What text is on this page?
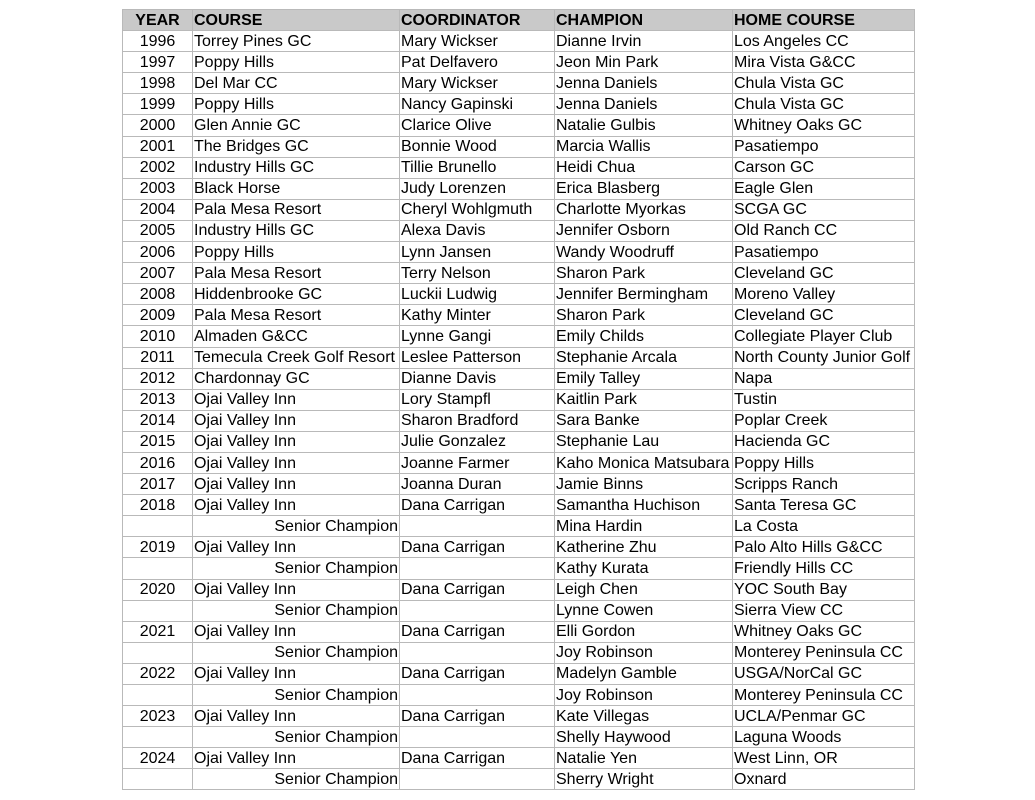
YEAR	COURSE	COORDINATOR	CHAMPION	HOME COURSE
1996	Torrey Pines GC	Mary Wickser	Dianne Irvin	Los Angeles CC
1997	Poppy Hills	Pat Delfavero	Jeon Min Park	Mira Vista G&CC
1998	Del Mar CC	Mary Wickser	Jenna Daniels	Chula Vista GC
1999	Poppy Hills	Nancy Gapinski	Jenna Daniels	Chula Vista GC
2000	Glen Annie GC	Clarice Olive	Natalie Gulbis	Whitney Oaks GC
2001	The Bridges GC	Bonnie Wood	Marcia Wallis	Pasatiempo
2002	Industry Hills GC	Tillie Brunello	Heidi Chua	Carson GC
2003	Black Horse	Judy Lorenzen	Erica Blasberg	Eagle Glen
2004	Pala Mesa Resort	Cheryl Wohlgmuth	Charlotte Myorkas	SCGA GC
2005	Industry Hills GC	Alexa Davis	Jennifer Osborn	Old Ranch CC
2006	Poppy Hills	Lynn Jansen	Wandy Woodruff	Pasatiempo
2007	Pala Mesa Resort	Terry Nelson	Sharon Park	Cleveland GC
2008	Hiddenbrooke GC	Luckii Ludwig	Jennifer Bermingham	Moreno Valley
2009	Pala Mesa Resort	Kathy Minter	Sharon Park	Cleveland GC
2010	Almaden G&CC	Lynne Gangi	Emily Childs	Collegiate Player Club
2011	Temecula Creek Golf Resort	Leslee Patterson	Stephanie Arcala	North County Junior Golf
2012	Chardonnay GC	Dianne Davis	Emily Talley	Napa
2013	Ojai Valley Inn	Lory Stampfl	Kaitlin Park	Tustin
2014	Ojai Valley Inn	Sharon Bradford	Sara Banke	Poplar Creek
2015	Ojai Valley Inn	Julie Gonzalez	Stephanie Lau	Hacienda GC
2016	Ojai Valley Inn	Joanne Farmer	Kaho Monica Matsubara	Poppy Hills
2017	Ojai Valley Inn	Joanna Duran	Jamie Binns	Scripps Ranch
2018	Ojai Valley Inn	Dana Carrigan	Samantha Huchison	Santa Teresa GC
	Senior Champion		Mina Hardin	La Costa
2019	Ojai Valley Inn	Dana Carrigan	Katherine Zhu	Palo Alto Hills G&CC
	Senior Champion		Kathy Kurata	Friendly Hills CC
2020	Ojai Valley Inn	Dana Carrigan	Leigh Chen	YOC South Bay
	Senior Champion		Lynne Cowen	Sierra View CC
2021	Ojai Valley Inn	Dana Carrigan	Elli Gordon	Whitney Oaks GC
	Senior Champion		Joy Robinson	Monterey Peninsula CC
2022	Ojai Valley Inn	Dana Carrigan	Madelyn Gamble	USGA/NorCal GC
	Senior Champion		Joy Robinson	Monterey Peninsula CC
2023	Ojai Valley Inn	Dana Carrigan	Kate Villegas	UCLA/Penmar GC
	Senior Champion		Shelly Haywood	Laguna Woods
2024	Ojai Valley Inn	Dana Carrigan	Natalie Yen	West Linn, OR
	Senior Champion		Sherry Wright	Oxnard
